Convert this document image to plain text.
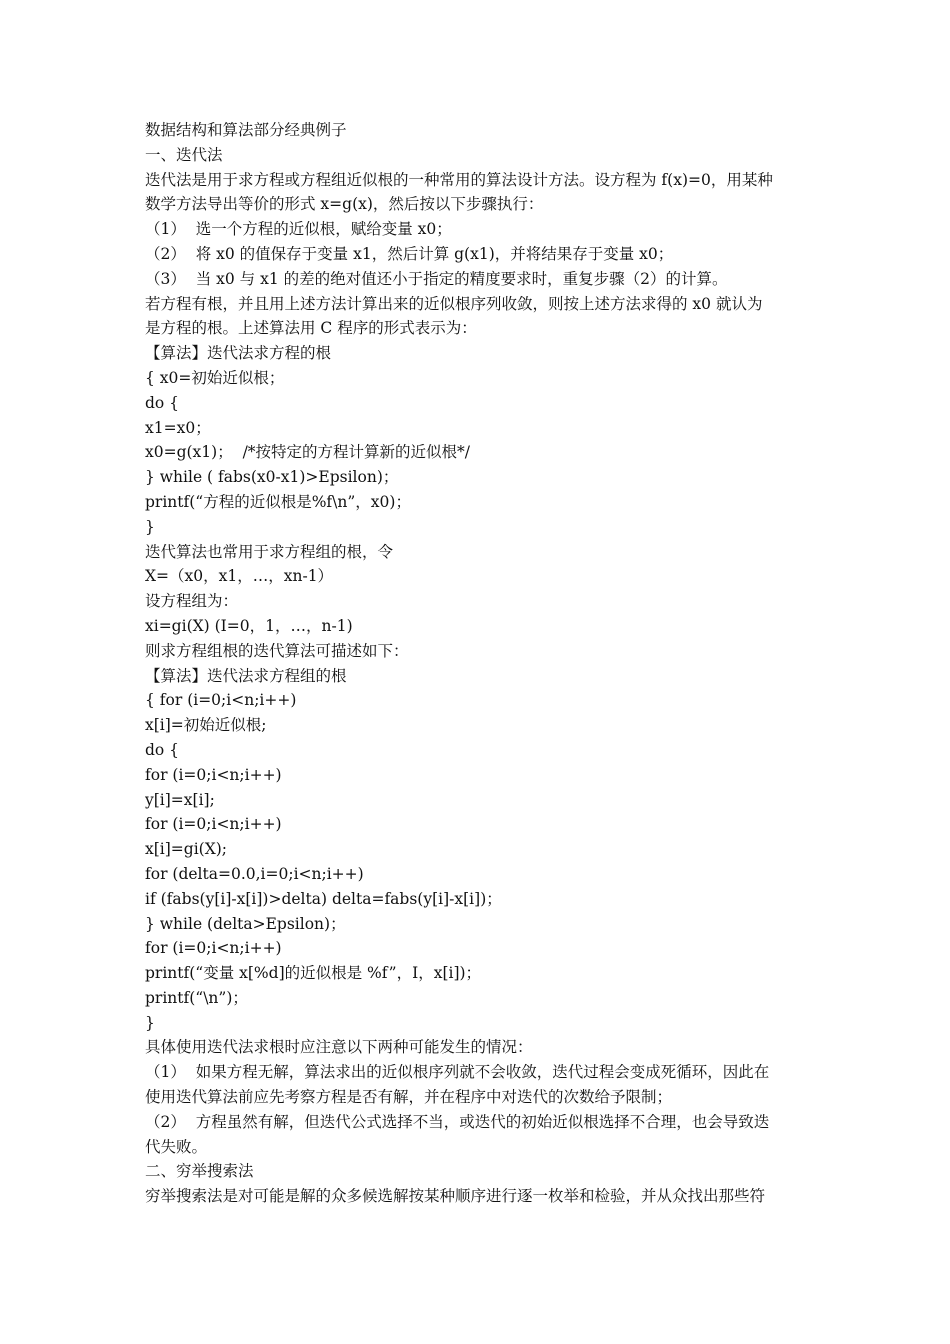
数据结构和算法部分经典例子
一、迭代法
迭代法是用于求方程或方程组近似根的一种常用的算法设计方法。设方程为 f(x)=0，用某种
数学方法导出等价的形式 x=g(x)，然后按以下步骤执行：
（1）  选一个方程的近似根，赋给变量 x0；
（2）  将 x0 的值保存于变量 x1，然后计算 g(x1)，并将结果存于变量 x0；
（3）  当 x0 与 x1 的差的绝对值还小于指定的精度要求时，重复步骤（2）的计算。
若方程有根，并且用上述方法计算出来的近似根序列收敛，则按上述方法求得的 x0 就认为
是方程的根。上述算法用 C 程序的形式表示为：
【算法】迭代法求方程的根
{ x0=初始近似根；
do {
x1=x0；
x0=g(x1)；  /*按特定的方程计算新的近似根*/
} while ( fabs(x0-x1)>Epsilon)；
printf(“方程的近似根是%f\n”，x0)；
}
迭代算法也常用于求方程组的根，令
X=（x0，x1，…，xn-1）
设方程组为：
xi=gi(X) (I=0，1，…，n-1)
则求方程组根的迭代算法可描述如下：
【算法】迭代法求方程组的根
{ for (i=0;i<n;i++)
x[i]=初始近似根;
do {
for (i=0;i<n;i++)
y[i]=x[i];
for (i=0;i<n;i++)
x[i]=gi(X);
for (delta=0.0,i=0;i<n;i++)
if (fabs(y[i]-x[i])>delta) delta=fabs(y[i]-x[i])；
} while (delta>Epsilon)；
for (i=0;i<n;i++)
printf(“变量 x[%d]的近似根是 %f”，I，x[i])；
printf(“\n”)；
}
具体使用迭代法求根时应注意以下两种可能发生的情况：
（1）  如果方程无解，算法求出的近似根序列就不会收敛，迭代过程会变成死循环，因此在
使用迭代算法前应先考察方程是否有解，并在程序中对迭代的次数给予限制；
（2）  方程虽然有解，但迭代公式选择不当，或迭代的初始近似根选择不合理，也会导致迭
代失败。
二、穷举搜索法
穷举搜索法是对可能是解的众多候选解按某种顺序进行逐一枚举和检验，并从众找出那些符
